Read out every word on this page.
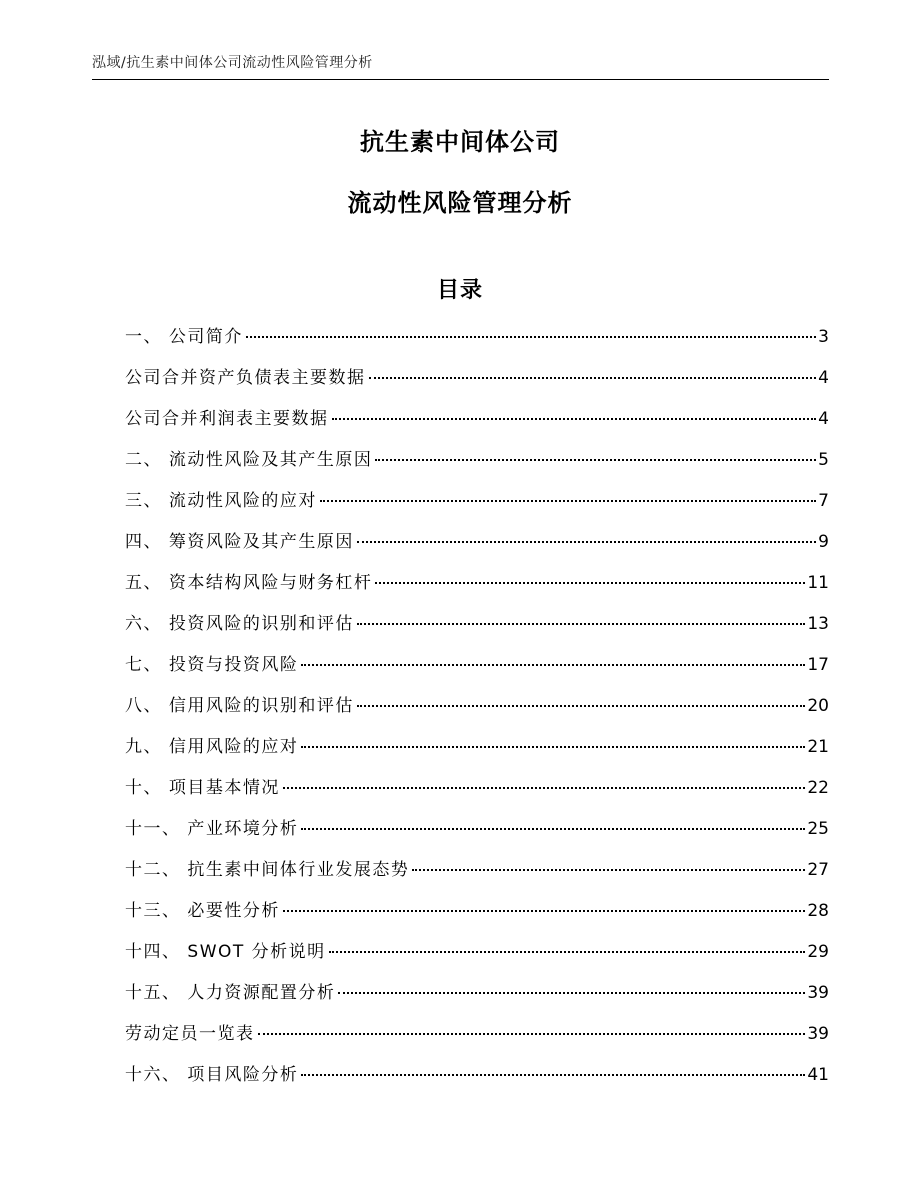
泓域/抗生素中间体公司流动性风险管理分析
抗生素中间体公司
流动性风险管理分析
目录
一、 公司简介	3
公司合并资产负债表主要数据	4
公司合并利润表主要数据	4
二、 流动性风险及其产生原因	5
三、 流动性风险的应对	7
四、 筹资风险及其产生原因	9
五、 资本结构风险与财务杠杆	11
六、 投资风险的识别和评估	13
七、 投资与投资风险	17
八、 信用风险的识别和评估	20
九、 信用风险的应对	21
十、 项目基本情况	22
十一、 产业环境分析	25
十二、 抗生素中间体行业发展态势	27
十三、 必要性分析	28
十四、 SWOT 分析说明	29
十五、 人力资源配置分析	39
劳动定员一览表	39
十六、 项目风险分析	41
